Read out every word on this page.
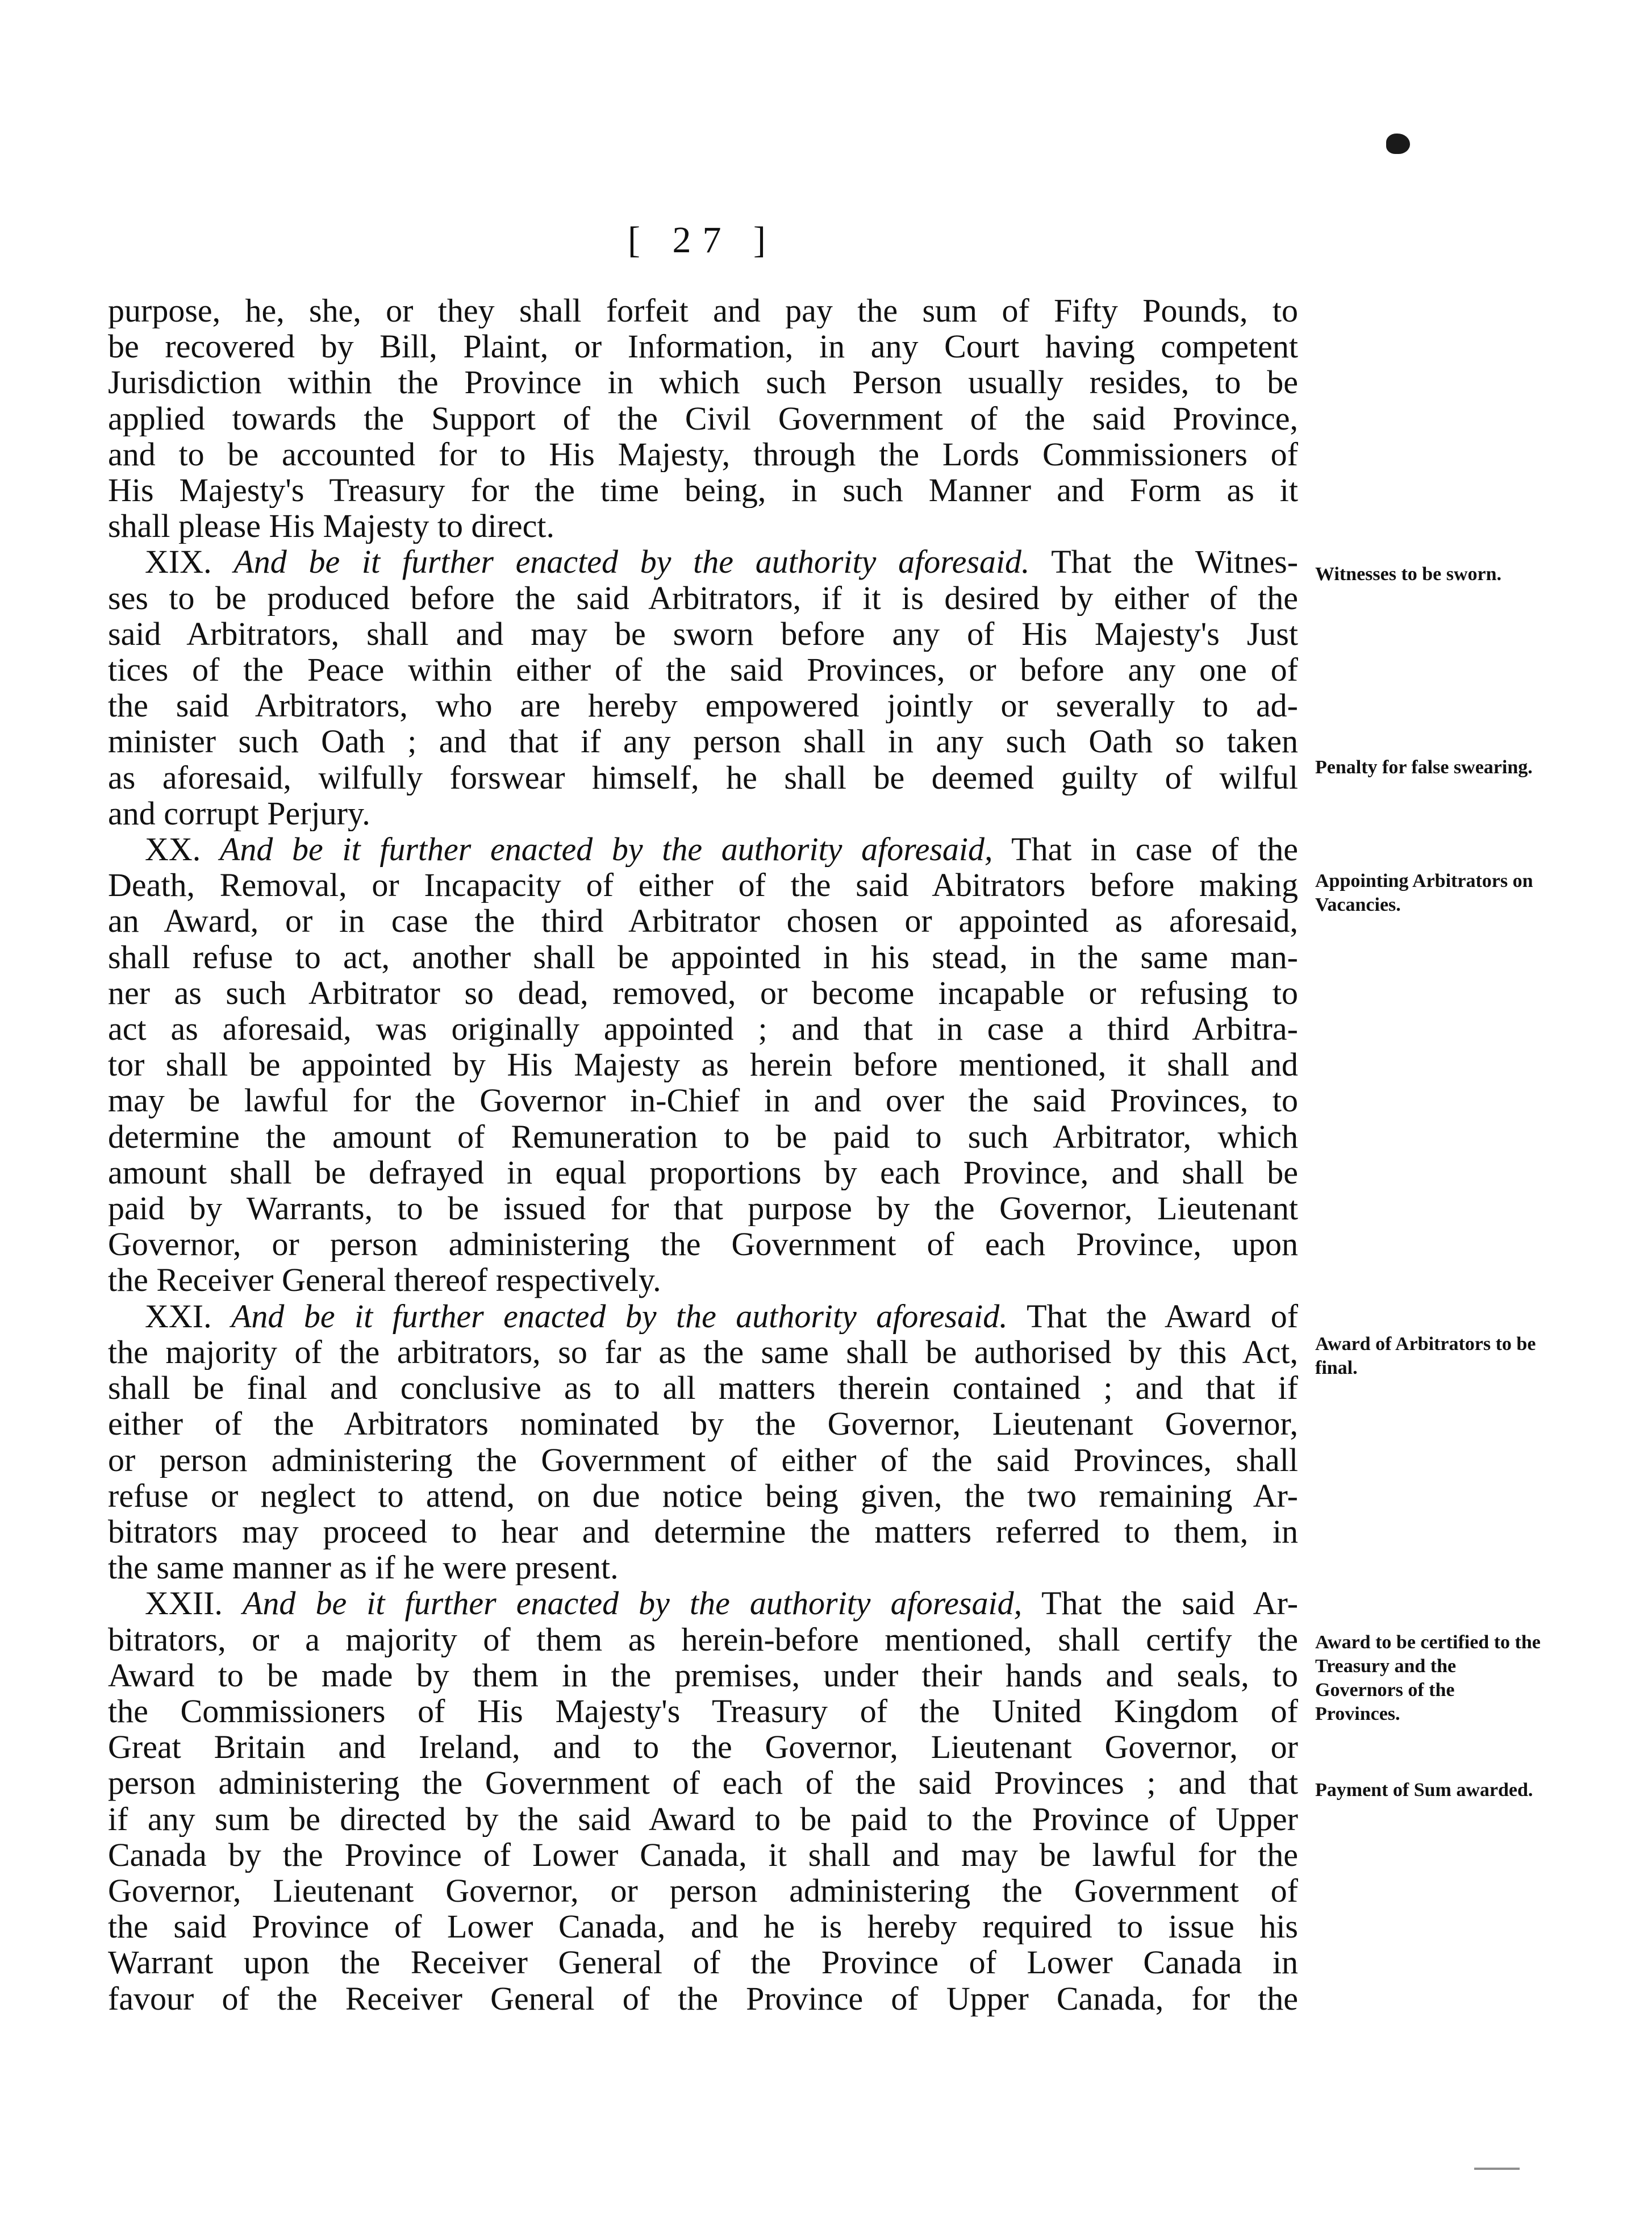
[ 27 ]
purpose, he, she, or they shall forfeit and pay the sum of Fifty Pounds, to
be recovered by Bill, Plaint, or Information, in any Court having competent
Jurisdiction within the Province in which such Person usually resides, to be
applied towards the Support of the Civil Government of the said Province,
and to be accounted for to His Majesty, through the Lords Commissioners of
His Majesty's Treasury for the time being, in such Manner and Form as it
shall please His Majesty to direct.
XIX. And be it further enacted by the authority aforesaid. That the Witnes-
ses to be produced before the said Arbitrators, if it is desired by either of the
said Arbitrators, shall and may be sworn before any of His Majesty's Just
tices of the Peace within either of the said Provinces, or before any one of
the said Arbitrators, who are hereby empowered jointly or severally to ad-
minister such Oath ; and that if any person shall in any such Oath so taken
as aforesaid, wilfully forswear himself, he shall be deemed guilty of wilful
and corrupt Perjury.
XX. And be it further enacted by the authority aforesaid, That in case of the
Death, Removal, or Incapacity of either of the said Abitrators before making
an Award, or in case the third Arbitrator chosen or appointed as aforesaid,
shall refuse to act, another shall be appointed in his stead, in the same man-
ner as such Arbitrator so dead, removed, or become incapable or refusing to
act as aforesaid, was originally appointed ; and that in case a third Arbitra-
tor shall be appointed by His Majesty as herein before mentioned, it shall and
may be lawful for the Governor in-Chief in and over the said Provinces, to
determine the amount of Remuneration to be paid to such Arbitrator, which
amount shall be defrayed in equal proportions by each Province, and shall be
paid by Warrants, to be issued for that purpose by the Governor, Lieutenant
Governor, or person administering the Government of each Province, upon
the Receiver General thereof respectively.
XXI. And be it further enacted by the authority aforesaid. That the Award of
the majority of the arbitrators, so far as the same shall be authorised by this Act,
shall be final and conclusive as to all matters therein contained ; and that if
either of the Arbitrators nominated by the Governor, Lieutenant Governor,
or person administering the Government of either of the said Provinces, shall
refuse or neglect to attend, on due notice being given, the two remaining Ar-
bitrators may proceed to hear and determine the matters referred to them, in
the same manner as if he were present.
XXII. And be it further enacted by the authority aforesaid, That the said Ar-
bitrators, or a majority of them as herein-before mentioned, shall certify the
Award to be made by them in the premises, under their hands and seals, to
the Commissioners of His Majesty's Treasury of the United Kingdom of
Great Britain and Ireland, and to the Governor, Lieutenant Governor, or
person administering the Government of each of the said Provinces ; and that
if any sum be directed by the said Award to be paid to the Province of Upper
Canada by the Province of Lower Canada, it shall and may be lawful for the
Governor, Lieutenant Governor, or person administering the Government of
the said Province of Lower Canada, and he is hereby required to issue his
Warrant upon the Receiver General of the Province of Lower Canada in
favour of the Receiver General of the Province of Upper Canada, for the
Witnesses to be sworn.
Penalty for false swearing.
Appointing Arbitrators on Vacancies.
Award of Arbitrators to be final.
Award to be certified to the Treasury and the Governors of the Provinces.
Payment of Sum awarded.
